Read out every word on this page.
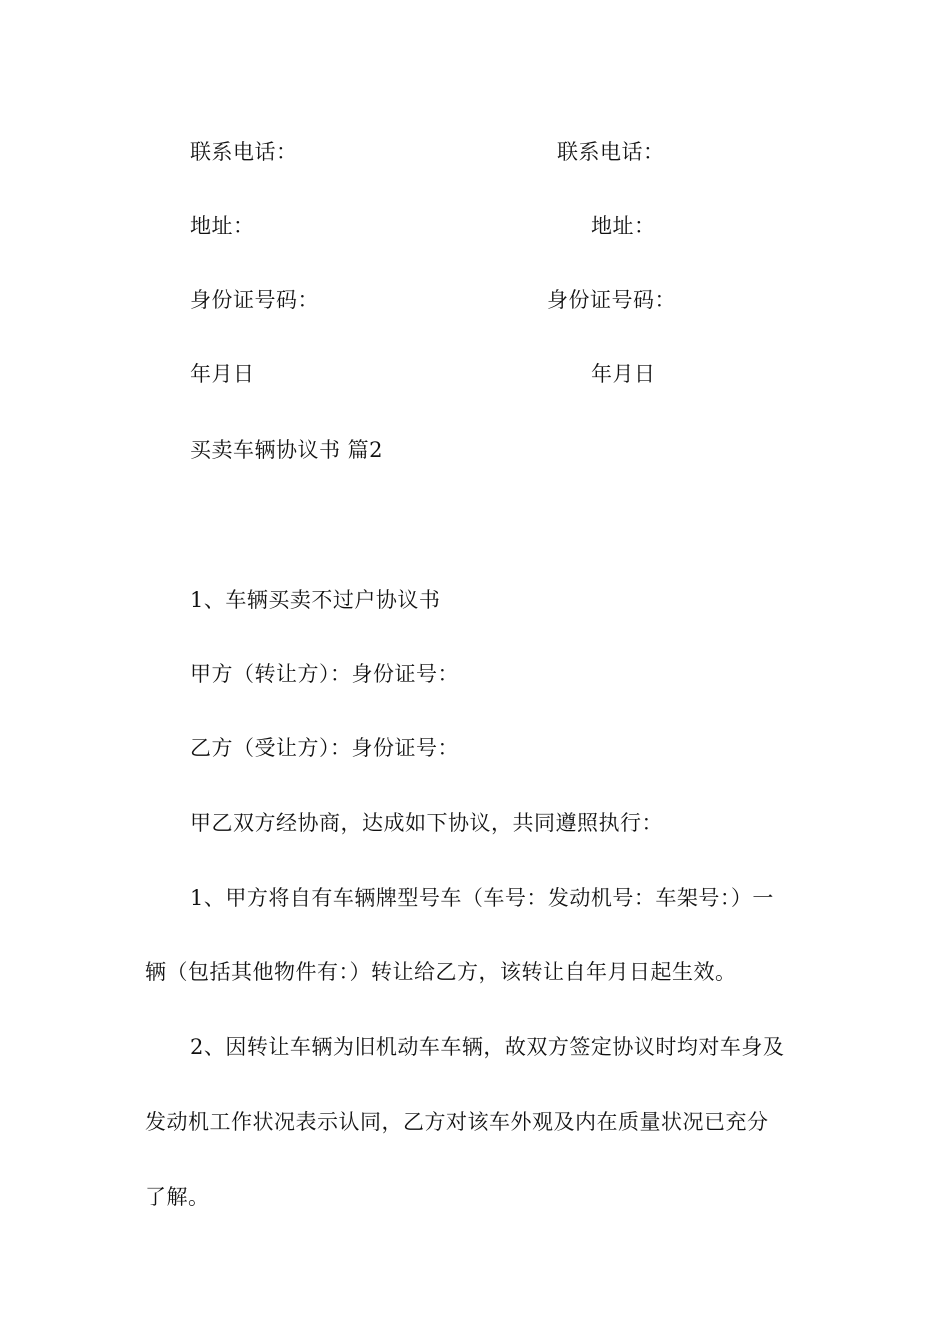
联系电话：
地址：
身份证号码：
年月日
联系电话：
地址：
身份证号码：
年月日
买卖车辆协议书 篇2
1、车辆买卖不过户协议书
甲方（转让方）：身份证号：
乙方（受让方）：身份证号：
甲乙双方经协商，达成如下协议，共同遵照执行：
1、甲方将自有车辆牌型号车（车号：发动机号：车架号：）一
辆（包括其他物件有：）转让给乙方，该转让自年月日起生效。
2、因转让车辆为旧机动车车辆，故双方签定协议时均对车身及
发动机工作状况表示认同，乙方对该车外观及内在质量状况已充分
了解。
